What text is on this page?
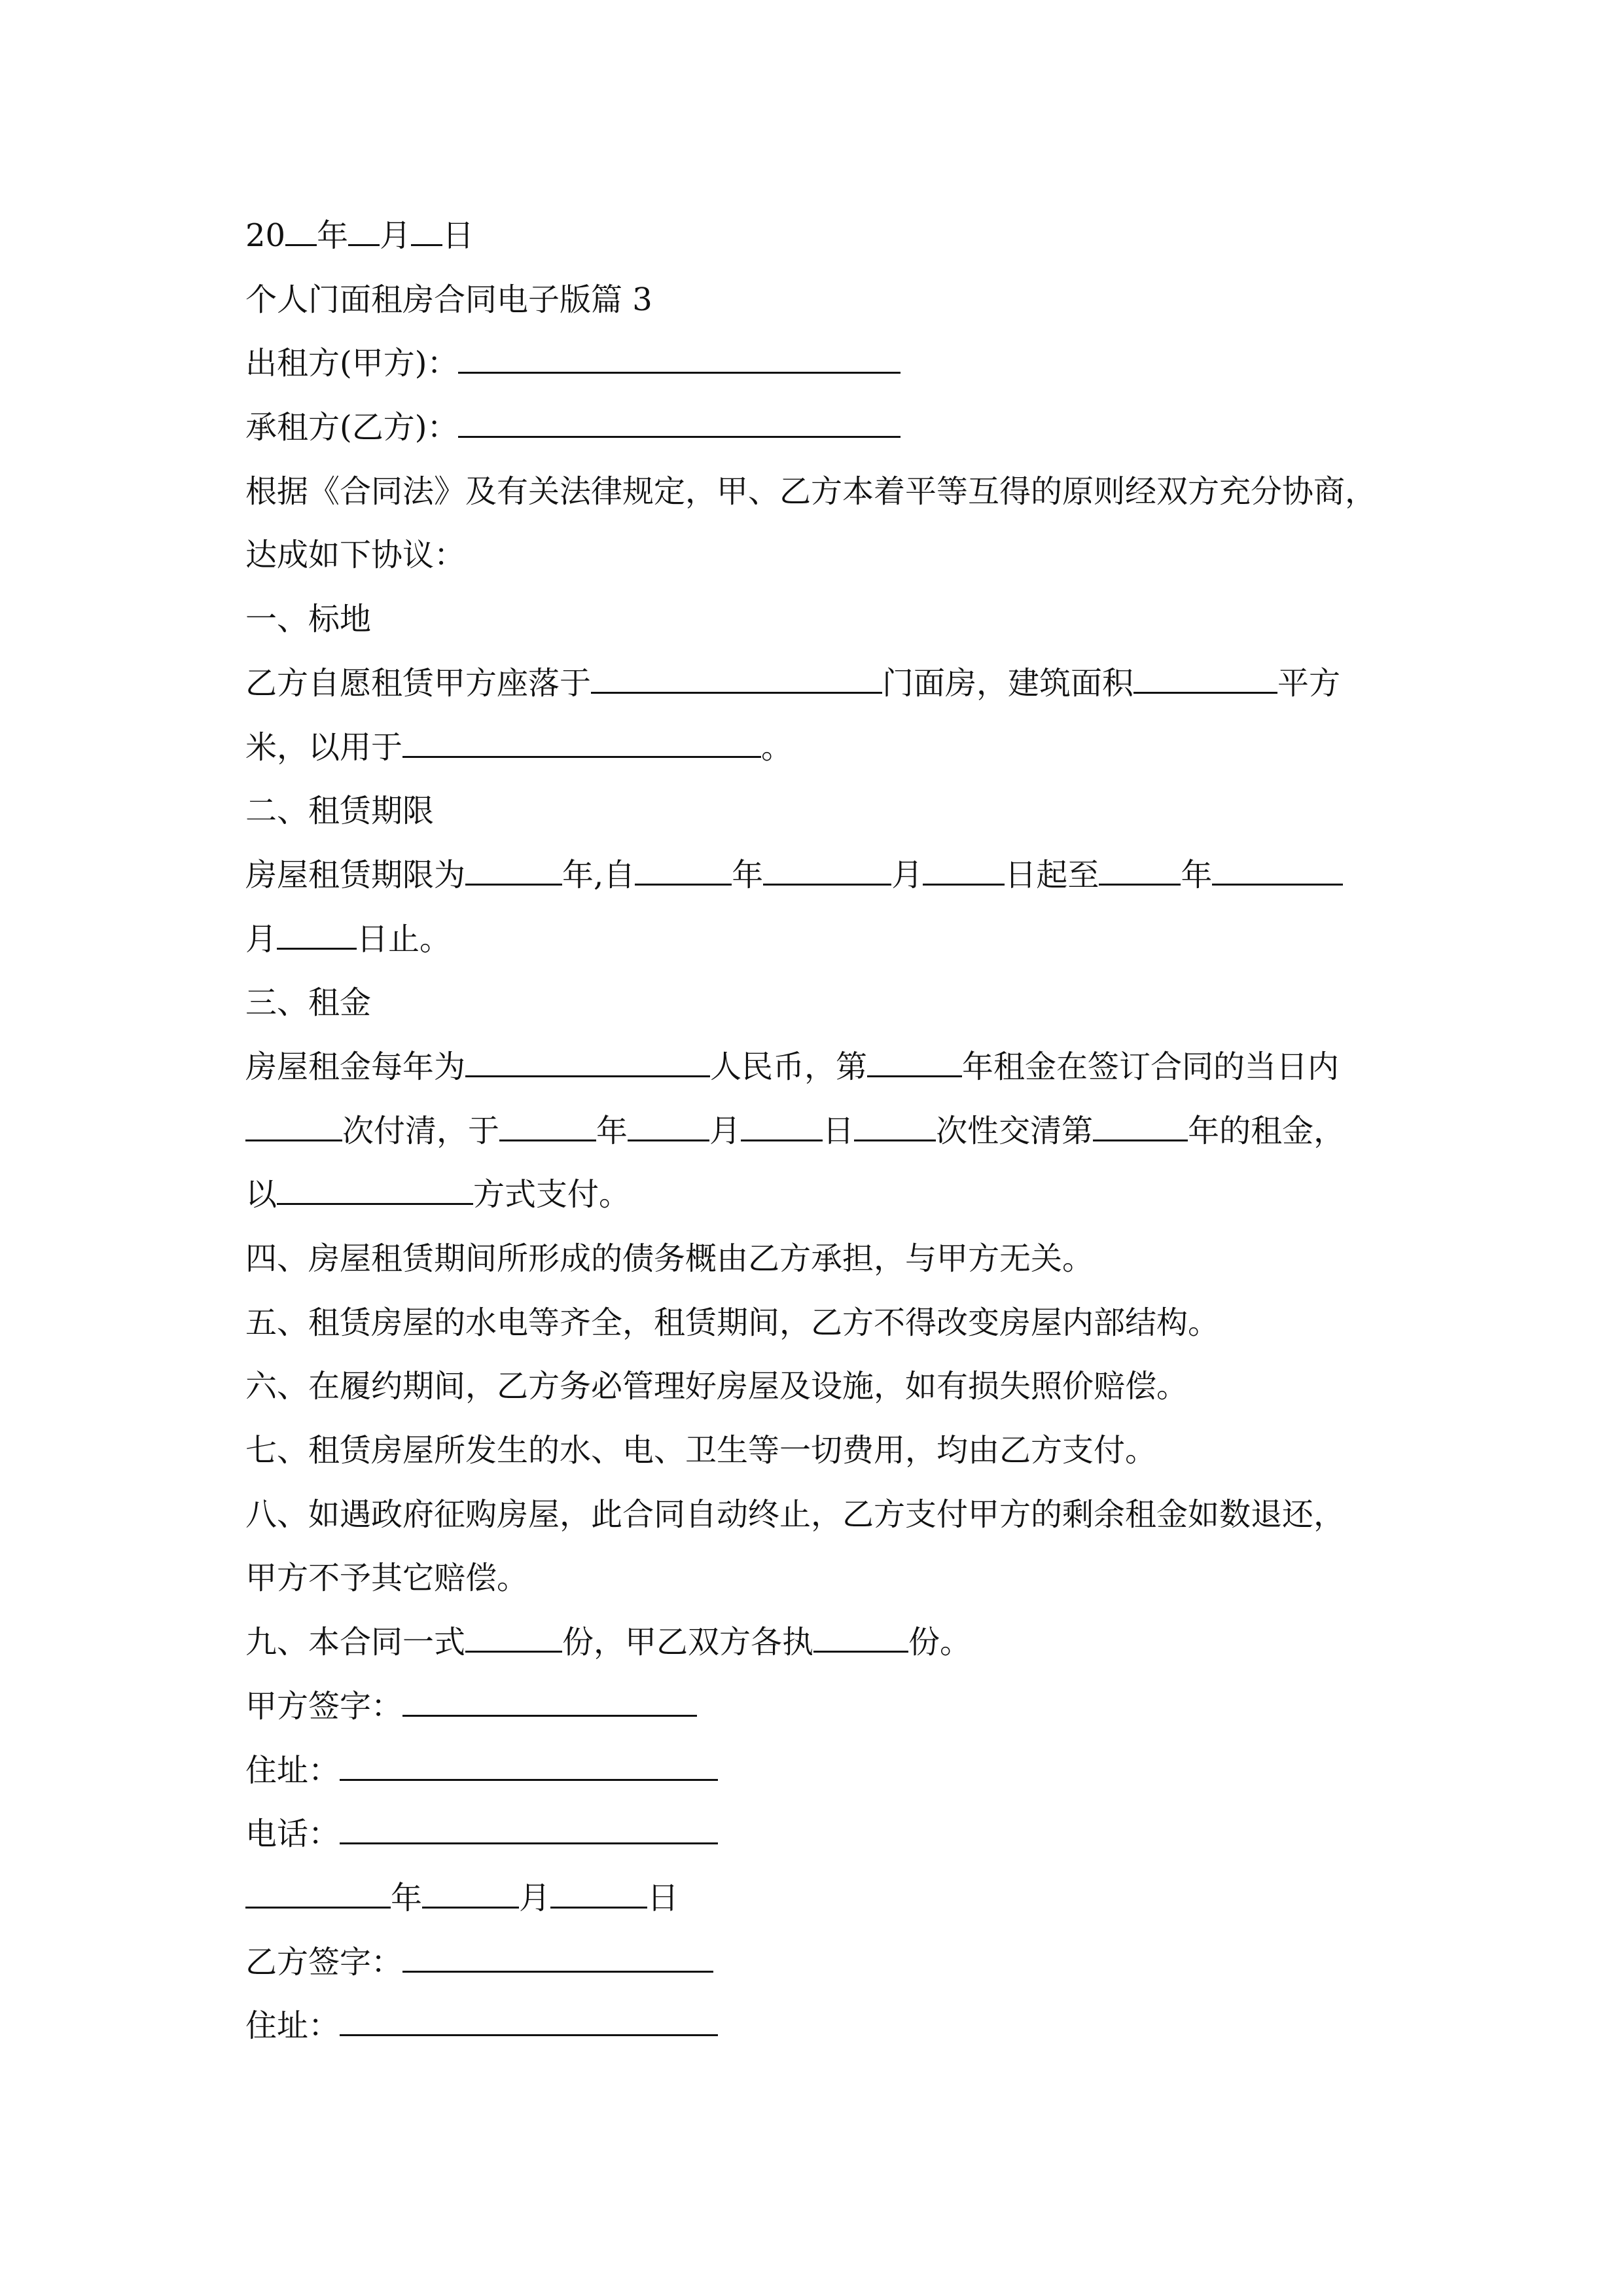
20 年 月 日
个人门面租房合同电子版篇 3
出租方(甲方)：
承租方(乙方)：
根据《合同法》及有关法律规定，甲、乙方本着平等互得的原则经双方充分协商，
达成如下协议：
一、标地
乙方自愿租赁甲方座落于	门面房，建筑面积	平方
米，以用于	。
二、租赁期限
房屋租赁期限为	年,自	年	月	日起至	年
月	日止。
三、租金
房屋租金每年为	人民币，第	年租金在签订合同的当日内
次付清，于	年	月	日	次性交清第	年的租金，
以	方式支付。
四、房屋租赁期间所形成的债务概由乙方承担，与甲方无关。
五、租赁房屋的水电等齐全，租赁期间，乙方不得改变房屋内部结构。
六、在履约期间，乙方务必管理好房屋及设施，如有损失照价赔偿。
七、租赁房屋所发生的水、电、卫生等一切费用，均由乙方支付。
八、如遇政府征购房屋，此合同自动终止，乙方支付甲方的剩余租金如数退还，
甲方不予其它赔偿。
九、本合同一式	份，甲乙双方各执	份。
甲方签字：
住址：
电话：
年	月	日
乙方签字：
住址：
